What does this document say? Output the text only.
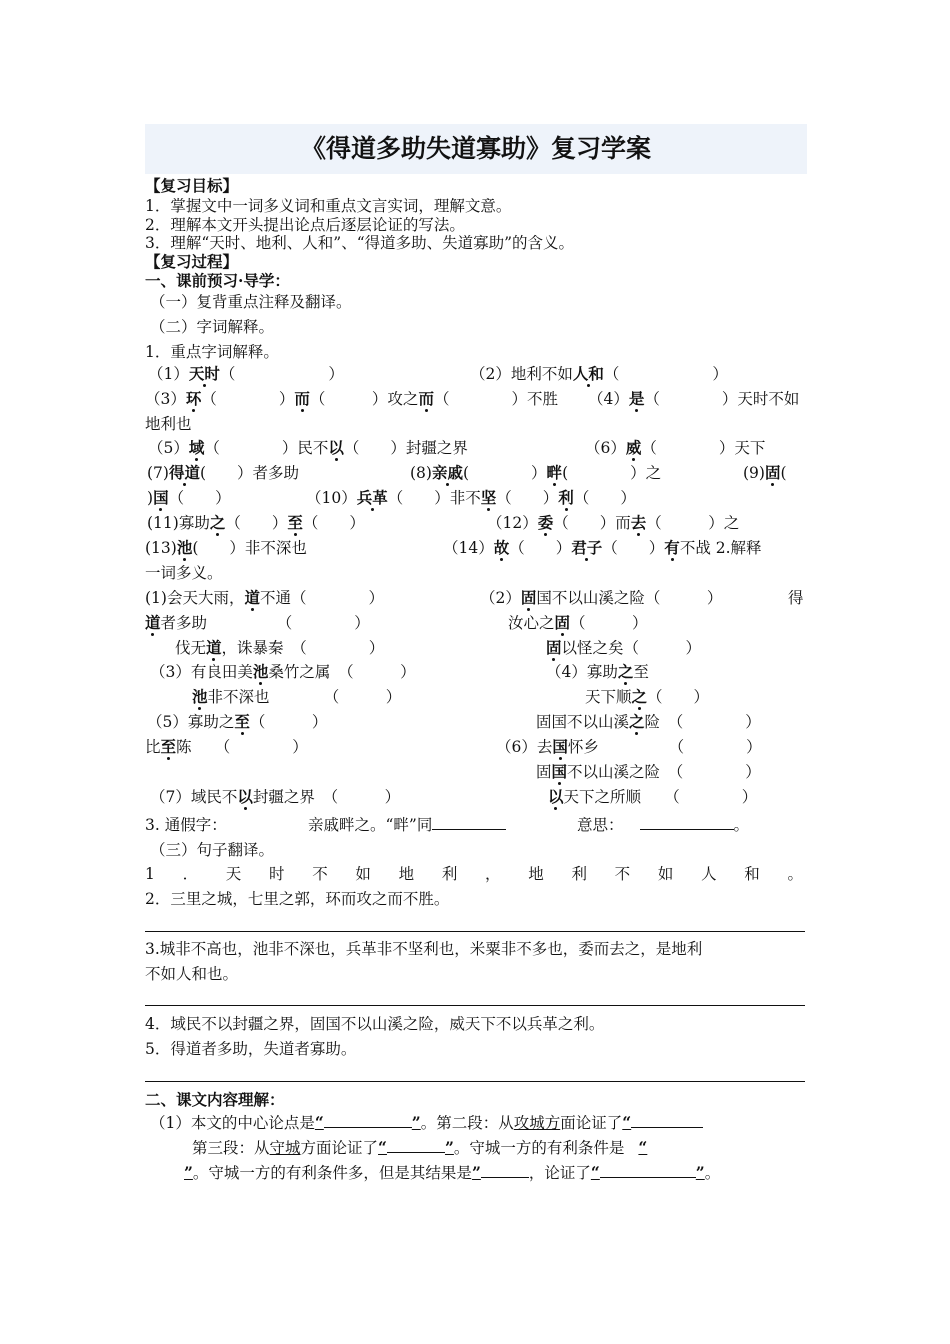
《得道多助失道寡助》复习学案
【复习目标】
1．掌握文中一词多义词和重点文言实词，理解文意。
2．理解本文开头提出论点后逐层论证的写法。
3．理解“天时、地利、人和”、“得道多助、失道寡助”的含义。
【复习过程】
一、课前预习·导学：
（一）复背重点注释及翻译。
（二）字词解释。
1．重点字词解释。
（1）天时（　　　　　　）	（2）地利不如人和（　　　　　　）
（3）环（　　　　）而（　　　）攻之而（　　　　）不胜 （4）是（　　　　）天时不如
地利也
（5）域（　　　　）民不以（　　）封疆之界	（6）威（　　　　）天下
(7)得道(　　）者多助	(8)亲戚(　　　　）畔(　　　　）之	(9)固(
)国（　　）	（10）兵革（　　）非不坚（　　）利（　　）
(11)寡助之（　　）至（　　）	（12）委（　　）而去（　　　）之
(13)池(　　）非不深也	（14）故（　　）君子（　　）有不战 2.解释
一词多义。
(1)会天大雨，道不通（　　　　）	（2）固国不以山溪之险（　　　）	得
道者多助　　　　　（　　　　）	汝心之固（　　　）
伐无道，诛暴秦　（　　　　）	固以怪之矣（　　　）
（3）有良田美池桑竹之属　（　　　）	（4）寡助之至
池非不深也　　　　（　　　）	天下顺之（　　）
（5）寡助之至（　　　）	固国不以山溪之险　（　　　　）
比至陈　　（　　　　）	（6）去国怀乡　　　　　（　　　　）
固国不以山溪之险　（　　　　）
（7）域民不以封疆之界　（　　　）	以天下之所顺　　（　　　　）
3. 通假字：	亲戚畔之。“畔”同	意思：	。
（三）句子翻译。
1．天时不如地利，地利不如人和。
2．三里之城，七里之郭，环而攻之而不胜。
3.城非不高也，池非不深也，兵革非不坚利也，米粟非不多也，委而去之，是地利
不如人和也。
4．域民不以封疆之界，固国不以山溪之险，威天下不以兵革之利。
5．得道者多助，失道者寡助。
二、课文内容理解：
（1）本文的中心论点是“	”。第二段：从攻城方面论证了“
第三段：从守城方面论证了“	”。守城一方的有利条件是 “
”。守城一方的有利条件多，但是其结果是”	，论证了“	”。
